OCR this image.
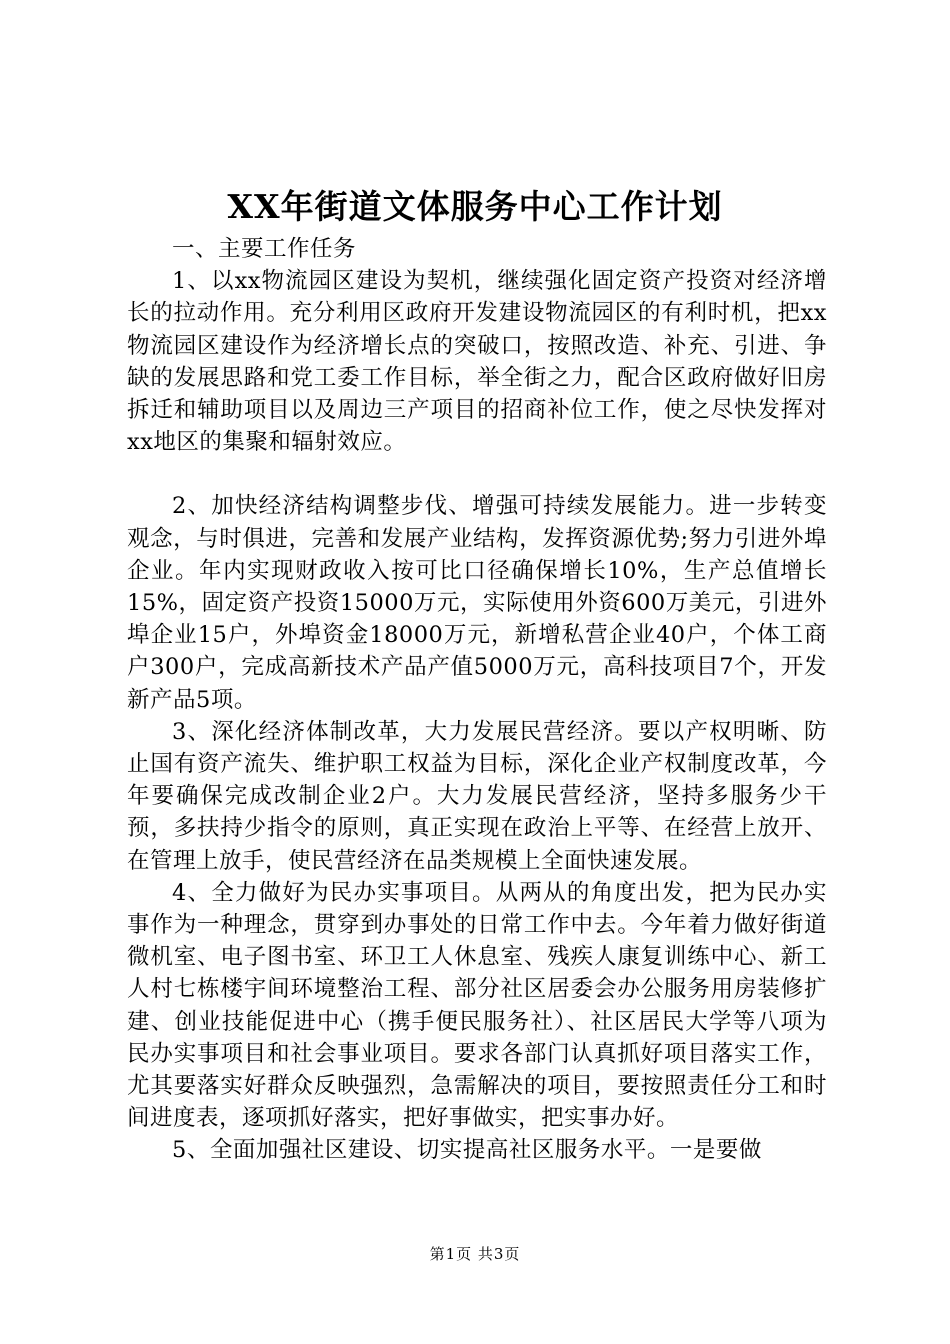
XX年街道文体服务中心工作计划

一、主要工作任务

1、以xx物流园区建设为契机，继续强化固定资产投资对经济增长的拉动作用。充分利用区政府开发建设物流园区的有利时机，把xx物流园区建设作为经济增长点的突破口，按照改造、补充、引进、争缺的发展思路和党工委工作目标，举全街之力，配合区政府做好旧房拆迁和辅助项目以及周边三产项目的招商补位工作，使之尽快发挥对xx地区的集聚和辐射效应。

2、加快经济结构调整步伐、增强可持续发展能力。进一步转变观念，与时俱进，完善和发展产业结构，发挥资源优势;努力引进外埠企业。年内实现财政收入按可比口径确保增长10%，生产总值增长15%，固定资产投资15000万元，实际使用外资600万美元，引进外埠企业15户，外埠资金18000万元，新增私营企业40户，个体工商户300户，完成高新技术产品产值5000万元，高科技项目7个，开发新产品5项。

3、深化经济体制改革，大力发展民营经济。要以产权明晰、防止国有资产流失、维护职工权益为目标，深化企业产权制度改革，今年要确保完成改制企业2户。大力发展民营经济，坚持多服务少干预，多扶持少指令的原则，真正实现在政治上平等、在经营上放开、在管理上放手，使民营经济在品类规模上全面快速发展。

4、全力做好为民办实事项目。从两从的角度出发，把为民办实事作为一种理念，贯穿到办事处的日常工作中去。今年着力做好街道微机室、电子图书室、环卫工人休息室、残疾人康复训练中心、新工人村七栋楼宇间环境整治工程、部分社区居委会办公服务用房装修扩建、创业技能促进中心（携手便民服务社）、社区居民大学等八项为民办实事项目和社会事业项目。要求各部门认真抓好项目落实工作，尤其要落实好群众反映强烈，急需解决的项目，要按照责任分工和时间进度表，逐项抓好落实，把好事做实，把实事办好。

5、全面加强社区建设、切实提高社区服务水平。一是要做

第1页 共3页
